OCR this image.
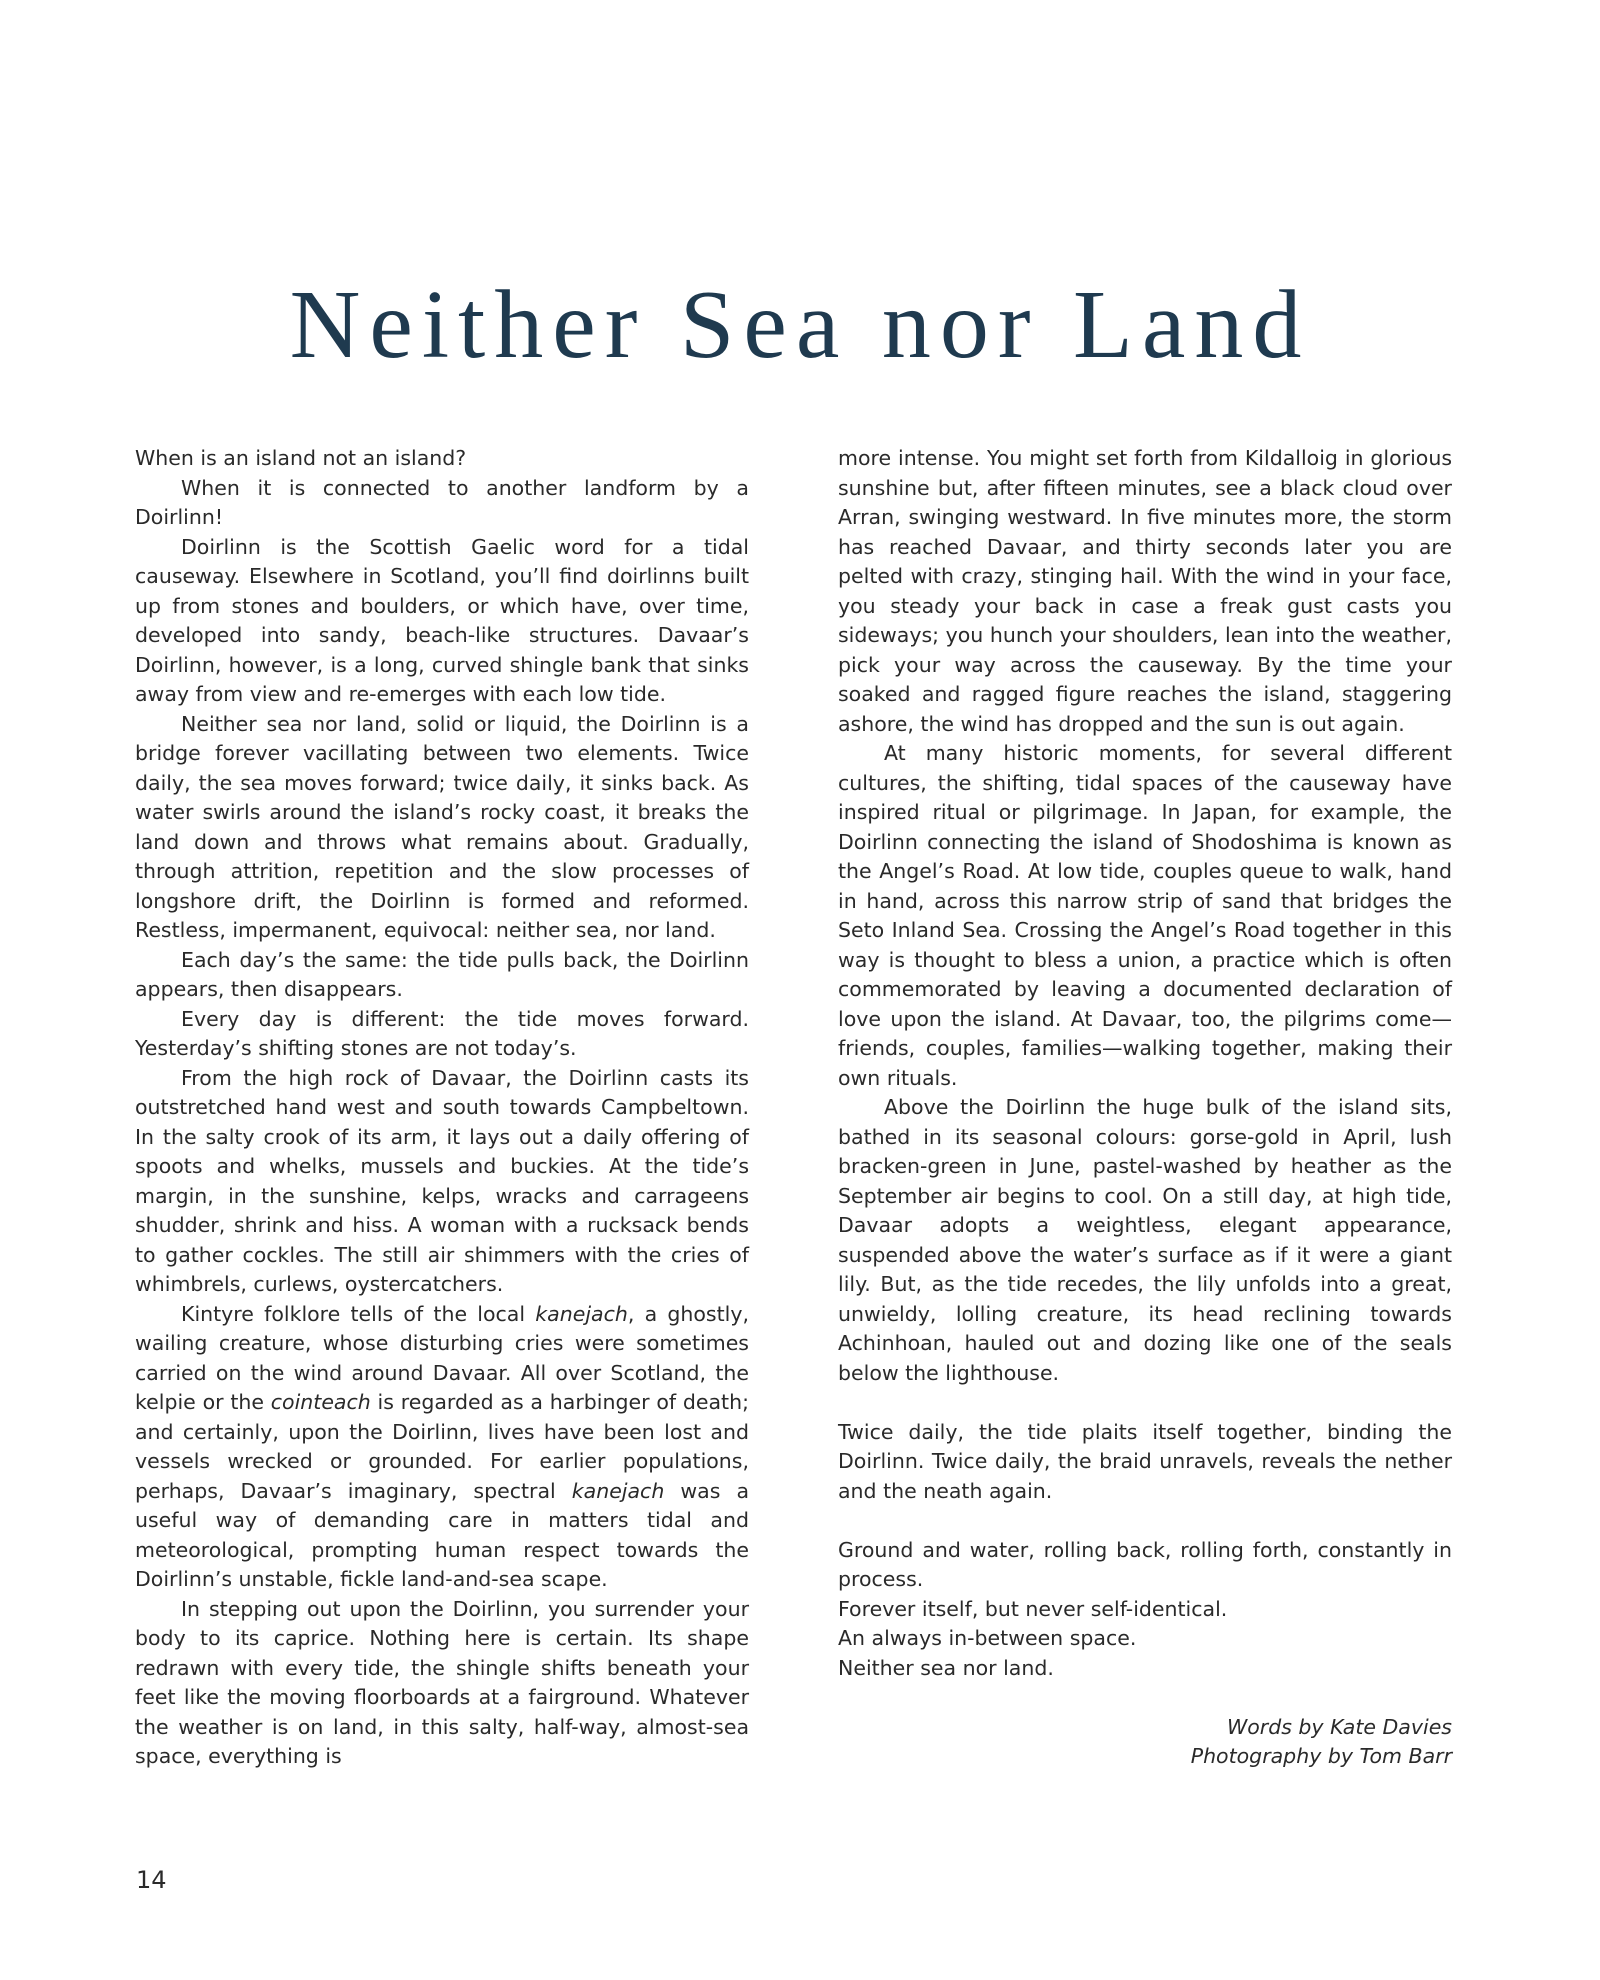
Neither Sea nor Land

When is an island not an island?

When it is connected to another landform by a Doirlinn!

Doirlinn is the Scottish Gaelic word for a tidal causeway. Elsewhere in Scotland, you’ll find doirlinns built up from stones and boulders, or which have, over time, developed into sandy, beach-like structures. Davaar’s Doirlinn, however, is a long, curved shingle bank that sinks away from view and re-emerges with each low tide.

Neither sea nor land, solid or liquid, the Doirlinn is a bridge forever vacillating between two elements. Twice daily, the sea moves forward; twice daily, it sinks back. As water swirls around the island’s rocky coast, it breaks the land down and throws what remains about. Gradually, through attrition, repetition and the slow processes of longshore drift, the Doirlinn is formed and reformed. Restless, impermanent, equivocal: neither sea, nor land.

Each day’s the same: the tide pulls back, the Doirlinn appears, then disappears.

Every day is different: the tide moves forward. Yesterday’s shifting stones are not today’s.

From the high rock of Davaar, the Doirlinn casts its outstretched hand west and south towards Campbeltown. In the salty crook of its arm, it lays out a daily offering of spoots and whelks, mussels and buckies. At the tide’s margin, in the sunshine, kelps, wracks and carrageens shudder, shrink and hiss. A woman with a rucksack bends to gather cockles. The still air shimmers with the cries of whimbrels, curlews, oystercatchers.

Kintyre folklore tells of the local kanejach, a ghostly, wailing creature, whose disturbing cries were sometimes carried on the wind around Davaar. All over Scotland, the kelpie or the cointeach is regarded as a harbinger of death; and certainly, upon the Doirlinn, lives have been lost and vessels wrecked or grounded. For earlier populations, perhaps, Davaar’s imaginary, spectral kanejach was a useful way of demanding care in matters tidal and meteorological, prompting human respect towards the Doirlinn’s unstable, fickle land-and-sea scape.

In stepping out upon the Doirlinn, you surrender your body to its caprice. Nothing here is certain. Its shape redrawn with every tide, the shingle shifts beneath your feet like the moving floorboards at a fairground. Whatever the weather is on land, in this salty, half-way, almost-sea space, everything is

more intense. You might set forth from Kildalloig in glorious sunshine but, after fifteen minutes, see a black cloud over Arran, swinging westward. In five minutes more, the storm has reached Davaar, and thirty seconds later you are pelted with crazy, stinging hail. With the wind in your face, you steady your back in case a freak gust casts you sideways; you hunch your shoulders, lean into the weather, pick your way across the causeway. By the time your soaked and ragged figure reaches the island, staggering ashore, the wind has dropped and the sun is out again.

At many historic moments, for several different cultures, the shifting, tidal spaces of the causeway have inspired ritual or pilgrimage. In Japan, for example, the Doirlinn connecting the island of Shodoshima is known as the Angel’s Road. At low tide, couples queue to walk, hand in hand, across this narrow strip of sand that bridges the Seto Inland Sea. Crossing the Angel’s Road together in this way is thought to bless a union, a practice which is often commemorated by leaving a documented declaration of love upon the island. At Davaar, too, the pilgrims come—friends, couples, families—walking together, making their own rituals.

Above the Doirlinn the huge bulk of the island sits, bathed in its seasonal colours: gorse-gold in April, lush bracken-green in June, pastel-washed by heather as the September air begins to cool. On a still day, at high tide, Davaar adopts a weightless, elegant appearance, suspended above the water’s surface as if it were a giant lily. But, as the tide recedes, the lily unfolds into a great, unwieldy, lolling creature, its head reclining towards Achinhoan, hauled out and dozing like one of the seals below the lighthouse.

Twice daily, the tide plaits itself together, binding the Doirlinn. Twice daily, the braid unravels, reveals the nether and the neath again.

Ground and water, rolling back, rolling forth, constantly in process.

Forever itself, but never self-identical.

An always in-between space.

Neither sea nor land.

Words by Kate Davies
Photography by Tom Barr
14
